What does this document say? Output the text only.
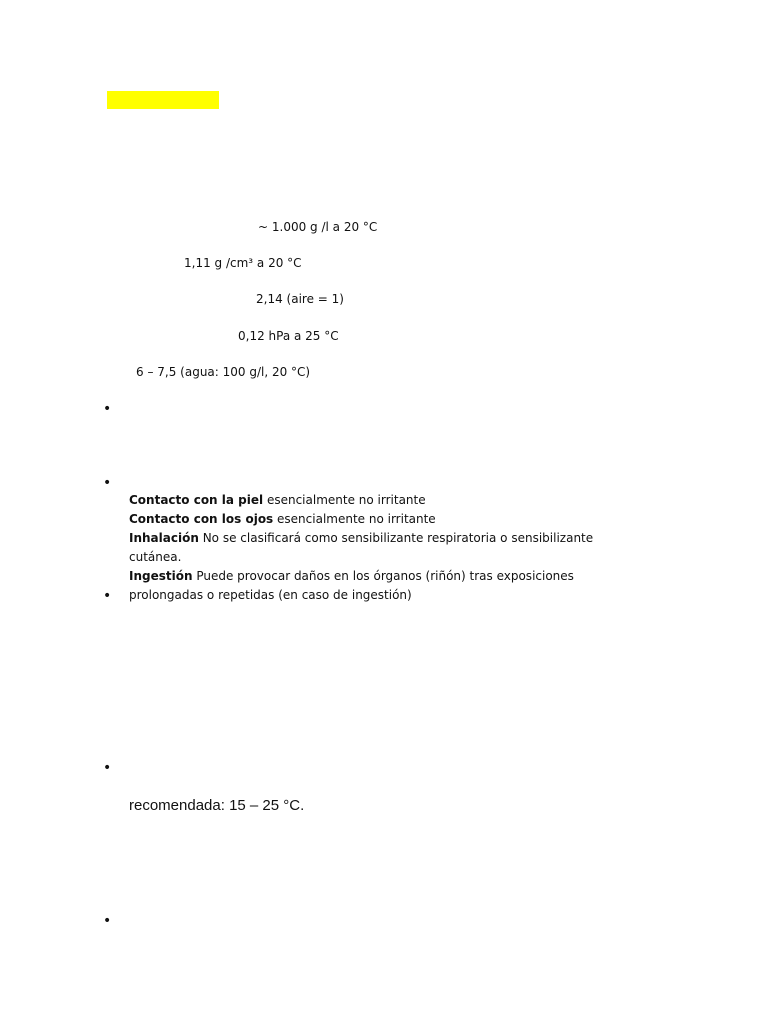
~ 1.000 g /l a 20 °C
1,11 g /cm³ a 20 °C
2,14 (aire = 1)
0,12 hPa a 25 °C
6 – 7,5 (agua: 100 g/l, 20 °C)
•
•

Contacto con la piel esencialmente no irritante

Contacto con los ojos esencialmente no irritante

Inhalación No se clasificará como sensibilizante respiratoria o sensibilizante cutánea.

Ingestión Puede provocar daños en los órganos (riñón) tras exposiciones prolongadas o repetidas (en caso de ingestión)

•
•
recomendada: 15 – 25 °C.
•
